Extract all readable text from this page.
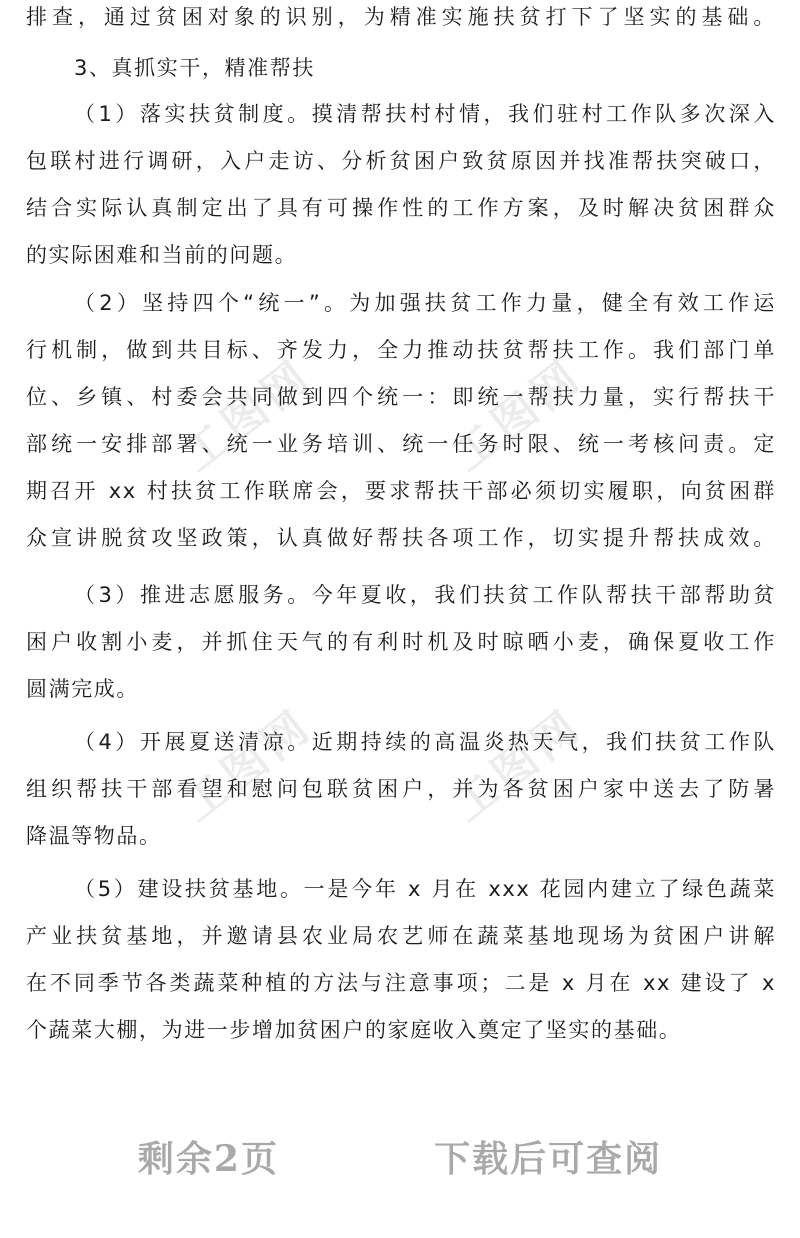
工图网	工图网
工图网	工图网
排查，通过贫困对象的识别，为精准实施扶贫打下了坚实的基础。
3、真抓实干，精准帮扶
（1）落实扶贫制度。摸清帮扶村村情，我们驻村工作队多次深入
包联村进行调研，入户走访、分析贫困户致贫原因并找准帮扶突破口，
结合实际认真制定出了具有可操作性的工作方案，及时解决贫困群众
的实际困难和当前的问题。
（2）坚持四个“统一”。为加强扶贫工作力量，健全有效工作运
行机制，做到共目标、齐发力，全力推动扶贫帮扶工作。我们部门单
位、乡镇、村委会共同做到四个统一：即统一帮扶力量，实行帮扶干
部统一安排部署、统一业务培训、统一任务时限、统一考核问责。定
期召开 xx 村扶贫工作联席会，要求帮扶干部必须切实履职，向贫困群
众宣讲脱贫攻坚政策，认真做好帮扶各项工作，切实提升帮扶成效。
（3）推进志愿服务。今年夏收，我们扶贫工作队帮扶干部帮助贫
困户收割小麦，并抓住天气的有利时机及时晾晒小麦，确保夏收工作
圆满完成。
（4）开展夏送清凉。近期持续的高温炎热天气，我们扶贫工作队
组织帮扶干部看望和慰问包联贫困户，并为各贫困户家中送去了防暑
降温等物品。
（5）建设扶贫基地。一是今年 x 月在 xxx 花园内建立了绿色蔬菜
产业扶贫基地，并邀请县农业局农艺师在蔬菜基地现场为贫困户讲解
在不同季节各类蔬菜种植的方法与注意事项；二是 x 月在 xx 建设了 x
个蔬菜大棚，为进一步增加贫困户的家庭收入奠定了坚实的基础。
剩余2页	下载后可查阅
